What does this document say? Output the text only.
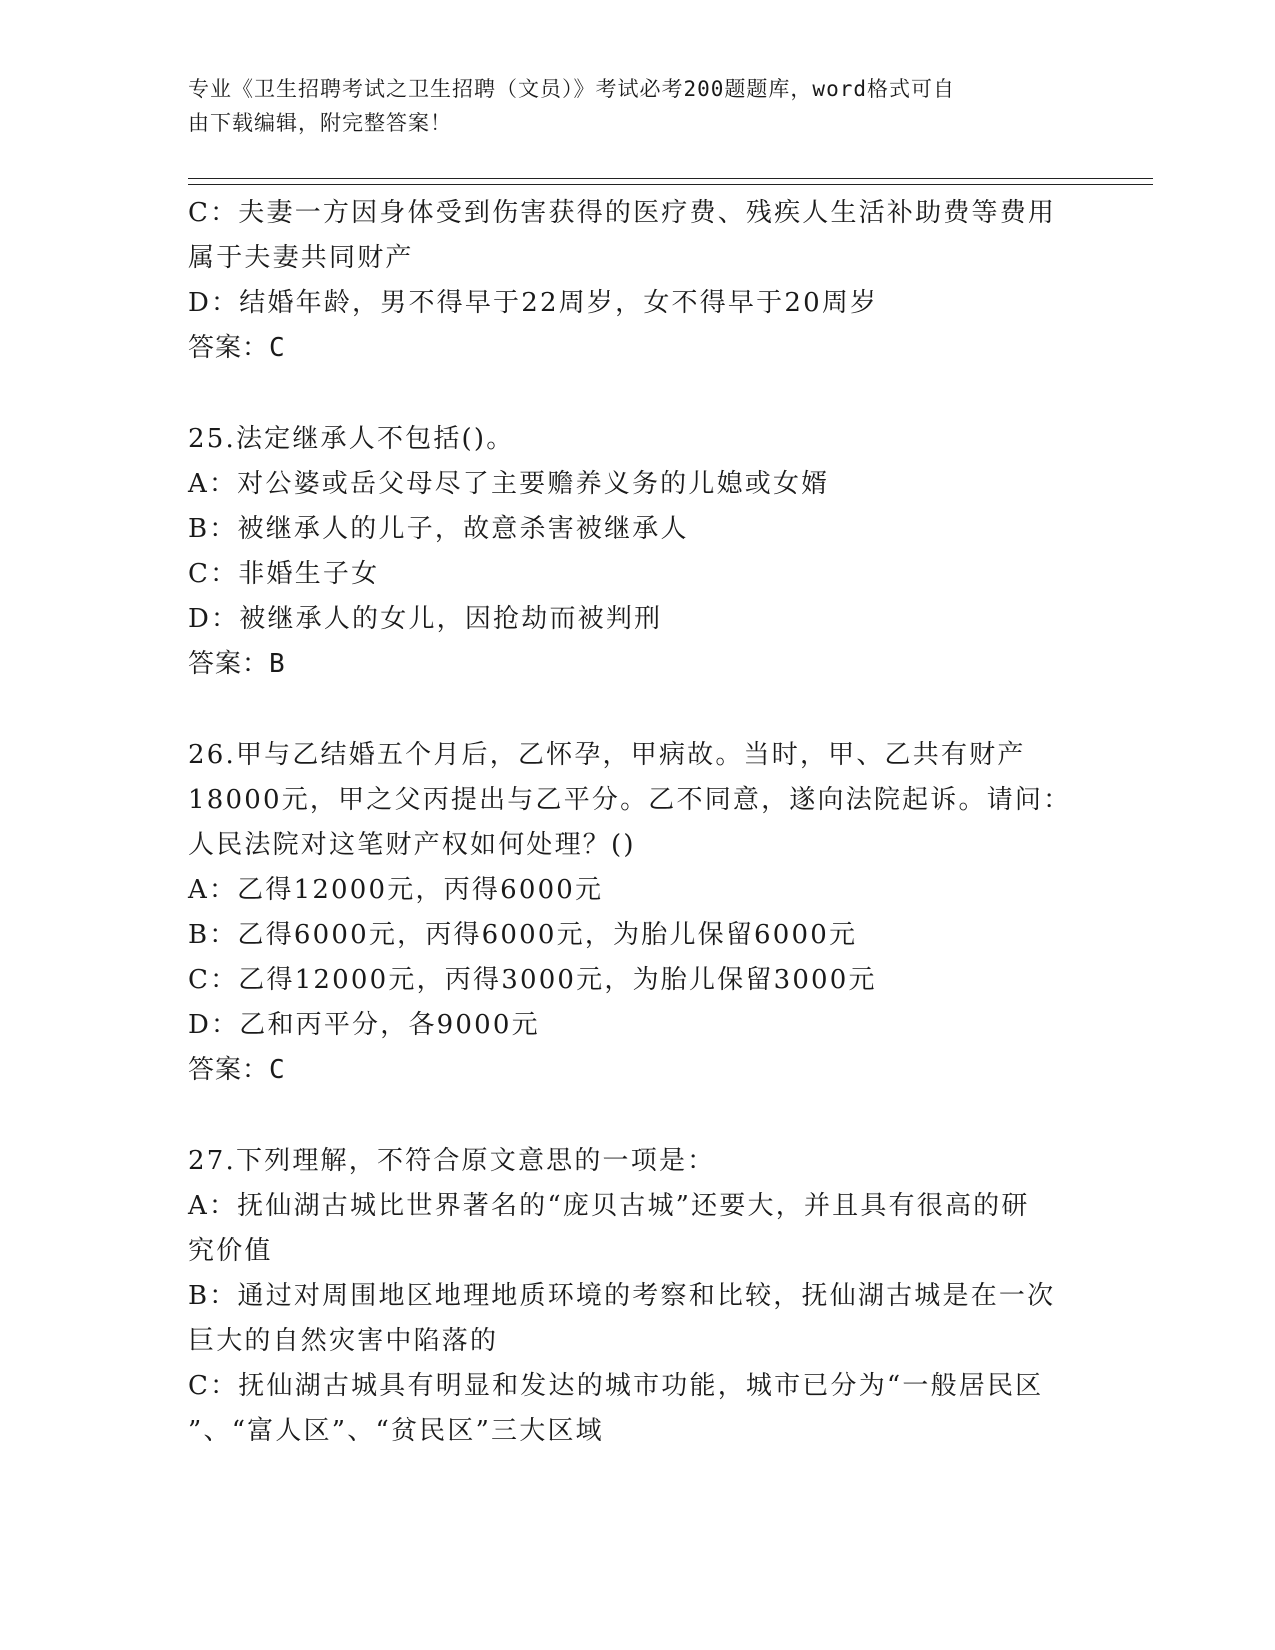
专业《卫生招聘考试之卫生招聘（文员）》考试必考200题题库，word格式可自
由下载编辑，附完整答案！
C：夫妻一方因身体受到伤害获得的医疗费、残疾人生活补助费等费用
属于夫妻共同财产
D：结婚年龄，男不得早于22周岁，女不得早于20周岁
答案：C
25.法定继承人不包括()。
A：对公婆或岳父母尽了主要赡养义务的儿媳或女婿
B：被继承人的儿子，故意杀害被继承人
C：非婚生子女
D：被继承人的女儿，因抢劫而被判刑
答案：B
26.甲与乙结婚五个月后，乙怀孕，甲病故。当时，甲、乙共有财产
18000元，甲之父丙提出与乙平分。乙不同意，遂向法院起诉。请问：
人民法院对这笔财产权如何处理？()
A：乙得12000元，丙得6000元
B：乙得6000元，丙得6000元，为胎儿保留6000元
C：乙得12000元，丙得3000元，为胎儿保留3000元
D：乙和丙平分，各9000元
答案：C
27.下列理解，不符合原文意思的一项是：
A：抚仙湖古城比世界著名的“庞贝古城”还要大，并且具有很高的研
究价值
B：通过对周围地区地理地质环境的考察和比较，抚仙湖古城是在一次
巨大的自然灾害中陷落的
C：抚仙湖古城具有明显和发达的城市功能，城市已分为“一般居民区
”、“富人区”、“贫民区”三大区域
